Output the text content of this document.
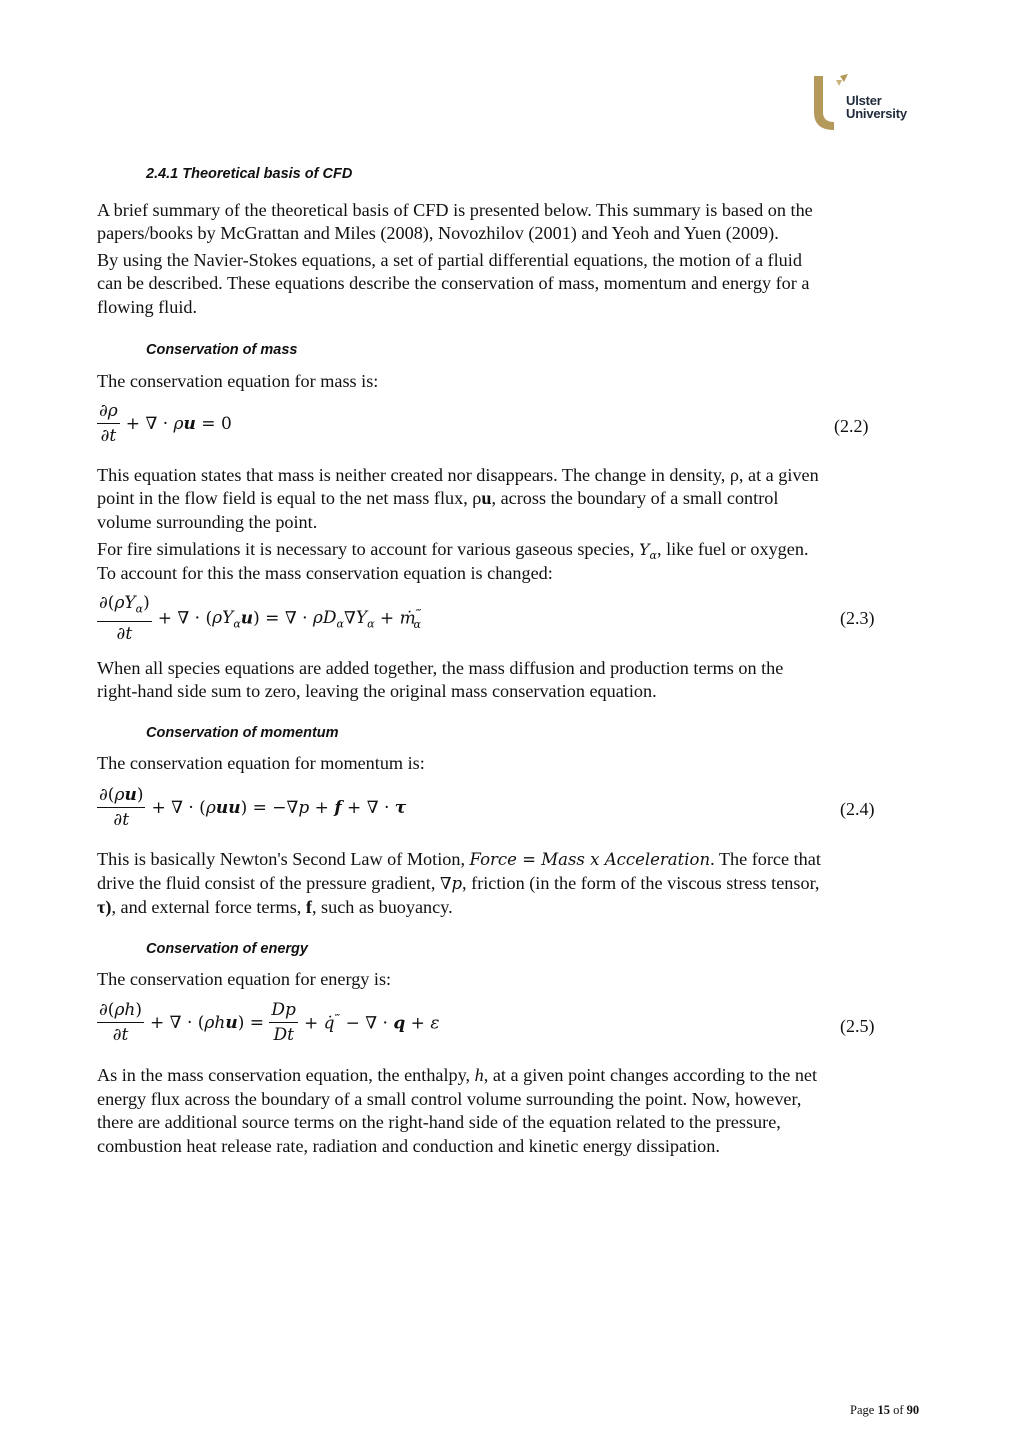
Ulster
University
2.4.1 Theoretical basis of CFD
A brief summary of the theoretical basis of CFD is presented below. This summary is based on the
papers/books by McGrattan and Miles (2008), Novozhilov (2001) and Yeoh and Yuen (2009).
By using the Navier-Stokes equations, a set of partial differential equations, the motion of a fluid
can be described. These equations describe the conservation of mass, momentum and energy for a
flowing fluid.
Conservation of mass
The conservation equation for mass is:
$\frac{\partial\rho}{\partial t}$ + ∇ · ρu = 0	(2.2)
This equation states that mass is neither created nor disappears. The change in density, ρ, at a given
point in the flow field is equal to the net mass flux, ρu, across the boundary of a small control
volume surrounding the point.
For fire simulations it is necessary to account for various gaseous species, $Y_\alpha$, like fuel or oxygen.
To account for this the mass conservation equation is changed:
$\frac{\partial(\rho Y_\alpha)}{\partial t}$ + ∇ · $(\rho Y_\alpha u)$ = ∇ · $\rho D_\alpha\nabla Y_\alpha$ + ṁ‴$_\alpha$	(2.3)
When all species equations are added together, the mass diffusion and production terms on the
right-hand side sum to zero, leaving the original mass conservation equation.
Conservation of momentum
The conservation equation for momentum is:
$\frac{\partial(\rho u)}{\partial t}$ + ∇ · (ρuu) = −∇p + f + ∇ · τ	(2.4)
This is basically Newton's Second Law of Motion, Force = Mass x Acceleration. The force that
drive the fluid consist of the pressure gradient, ∇p, friction (in the form of the viscous stress tensor,
τ), and external force terms, f, such as buoyancy.
Conservation of energy
The conservation equation for energy is:
$\frac{\partial(\rho h)}{\partial t}$ + ∇ · $(\rho hu) = \frac{Dp}{Dt}$ + q̇‴ − ∇ · q + ε	(2.5)
As in the mass conservation equation, the enthalpy, h, at a given point changes according to the net
energy flux across the boundary of a small control volume surrounding the point. Now, however,
there are additional source terms on the right-hand side of the equation related to the pressure,
combustion heat release rate, radiation and conduction and kinetic energy dissipation.
Page 15 of 90
